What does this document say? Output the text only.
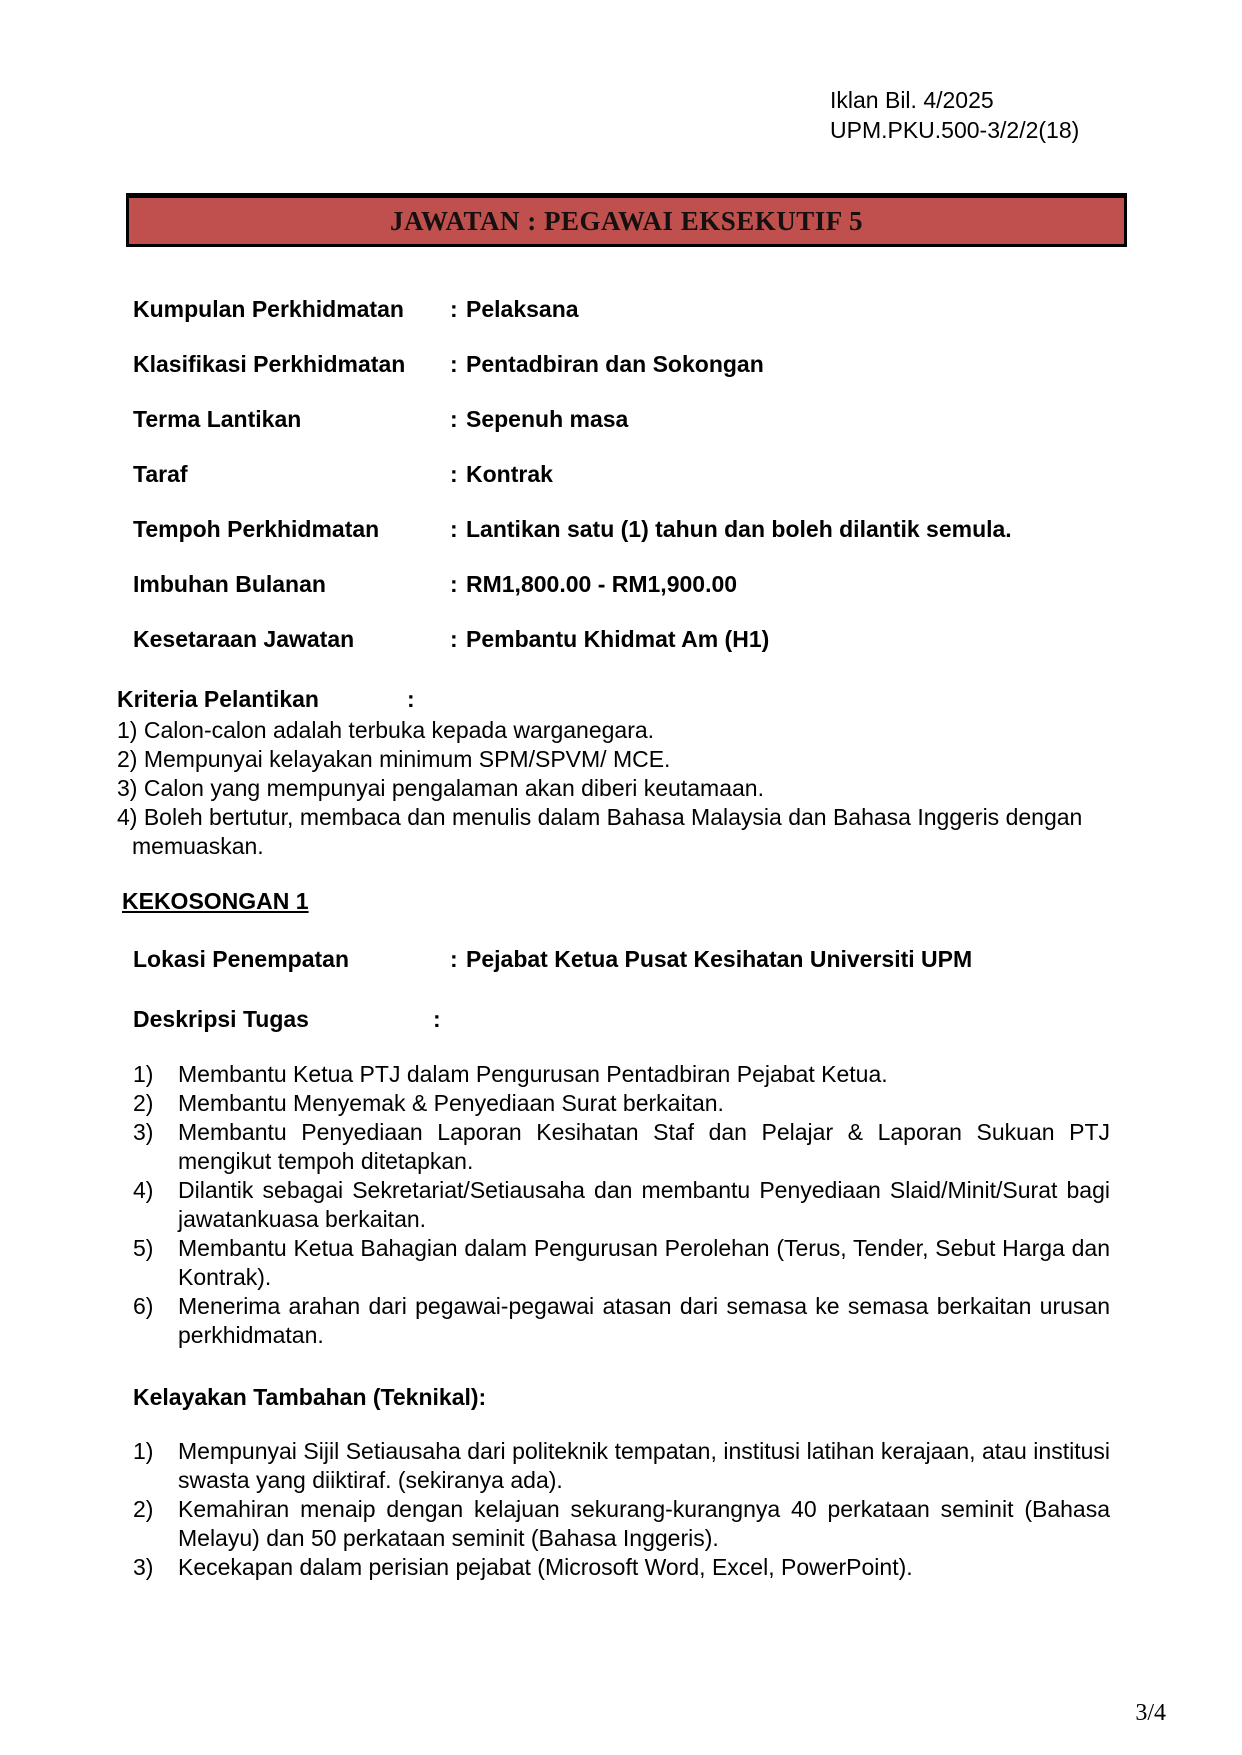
Iklan Bil. 4/2025
UPM.PKU.500-3/2/2(18)
JAWATAN : PEGAWAI EKSEKUTIF 5
Kumpulan Perkhidmatan	: Pelaksana
Klasifikasi Perkhidmatan	: Pentadbiran dan Sokongan
Terma Lantikan	: Sepenuh masa
Taraf	: Kontrak
Tempoh Perkhidmatan	: Lantikan satu (1) tahun dan boleh dilantik semula.
Imbuhan Bulanan	: RM1,800.00 - RM1,900.00
Kesetaraan Jawatan	: Pembantu Khidmat Am (H1)
Kriteria Pelantikan	:
1) Calon-calon adalah terbuka kepada warganegara.
2) Mempunyai kelayakan minimum SPM/SPVM/ MCE.
3) Calon yang mempunyai pengalaman akan diberi keutamaan.
4) Boleh bertutur, membaca dan menulis dalam Bahasa Malaysia dan Bahasa Inggeris dengan memuaskan.
KEKOSONGAN 1
Lokasi Penempatan	: Pejabat Ketua Pusat Kesihatan Universiti UPM
Deskripsi Tugas	:
1)	Membantu Ketua PTJ dalam Pengurusan Pentadbiran Pejabat Ketua.
2)	Membantu Menyemak & Penyediaan Surat berkaitan.
3)	Membantu Penyediaan Laporan Kesihatan Staf dan Pelajar & Laporan Sukuan PTJ mengikut tempoh ditetapkan.
4)	Dilantik sebagai Sekretariat/Setiausaha dan membantu Penyediaan Slaid/Minit/Surat bagi jawatankuasa berkaitan.
5)	Membantu Ketua Bahagian dalam Pengurusan Perolehan (Terus, Tender, Sebut Harga dan Kontrak).
6)	Menerima arahan dari pegawai-pegawai atasan dari semasa ke semasa berkaitan urusan perkhidmatan.
Kelayakan Tambahan (Teknikal):
1)	Mempunyai Sijil Setiausaha dari politeknik tempatan, institusi latihan kerajaan, atau institusi swasta yang diiktiraf. (sekiranya ada).
2)	Kemahiran menaip dengan kelajuan sekurang-kurangnya 40 perkataan seminit (Bahasa Melayu) dan 50 perkataan seminit (Bahasa Inggeris).
3)	Kecekapan dalam perisian pejabat (Microsoft Word, Excel, PowerPoint).
3/4
